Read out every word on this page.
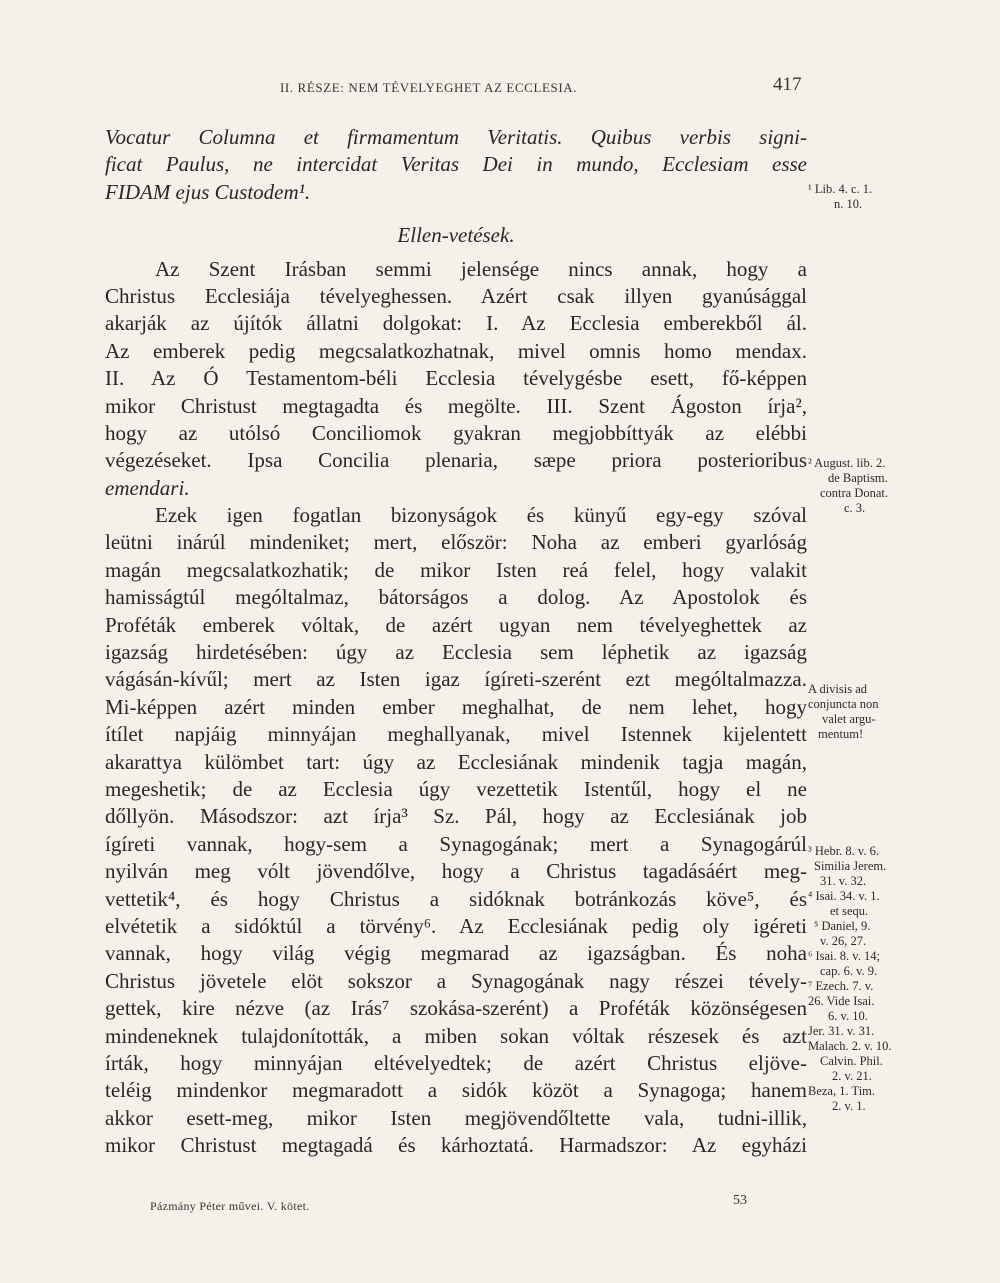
II. RÉSZE: NEM TÉVELYEGHET AZ ECCLESIA.	417
Vocatur Columna et firmamentum Veritatis. Quibus verbis signi-
ficat Paulus, ne intercidat Veritas Dei in mundo, Ecclesiam esse
FIDAM ejus Custodem¹.
Ellen-vetések.
Az Szent Irásban semmi jelensége nincs annak, hogy a
Christus Ecclesiája tévelyeghessen. Azért csak illyen gyanúsággal
akarják az újítók állatni dolgokat: I. Az Ecclesia emberekből ál.
Az emberek pedig megcsalatkozhatnak, mivel omnis homo mendax.
II. Az Ó Testamentom-béli Ecclesia tévelygésbe esett, fő-képpen
mikor Christust megtagadta és megölte. III. Szent Ágoston írja²,
hogy az utólsó Conciliomok gyakran megjobbíttyák az elébbi
végezéseket. Ipsa Concilia plenaria, sæpe priora posterioribus
emendari.
Ezek igen fogatlan bizonyságok és künyű egy-egy szóval
leütni inárúl mindeniket; mert, először: Noha az emberi gyarlóság
magán megcsalatkozhatik; de mikor Isten reá felel, hogy valakit
hamisságtúl mególtalmaz, bátorságos a dolog. Az Apostolok és
Proféták emberek vóltak, de azért ugyan nem tévelyeghettek az
igazság hirdetésében: úgy az Ecclesia sem léphetik az igazság
vágásán-kívűl; mert az Isten igaz ígíreti-szerént ezt mególtalmazza.
Mi-képpen azért minden ember meghalhat, de nem lehet, hogy
ítílet napjáig minnyájan meghallyanak, mivel Istennek kijelentett
akarattya külömbet tart: úgy az Ecclesiának mindenik tagja magán,
megeshetik; de az Ecclesia úgy vezettetik Istentűl, hogy el ne
dőllyön. Másodszor: azt írja³ Sz. Pál, hogy az Ecclesiának job
ígíreti vannak, hogy-sem a Synagogának; mert a Synagogárúl
nyilván meg vólt jövendőlve, hogy a Christus tagadásáért meg-
vettetik⁴, és hogy Christus a sidóknak botránkozás köve⁵, és
elvétetik a sidóktúl a törvény⁶. Az Ecclesiának pedig oly igéreti
vannak, hogy világ végig megmarad az igazságban. És noha
Christus jövetele elöt sokszor a Synagogának nagy részei tévely-
gettek, kire nézve (az Irás⁷ szokása-szerént) a Proféták közönségesen
mindeneknek tulajdonították, a miben sokan vóltak részesek és azt
írták, hogy minnyájan eltévelyedtek; de azért Christus eljöve-
teléig mindenkor megmaradott a sidók közöt a Synagoga; hanem
akkor esett-meg, mikor Isten megjövendőltette vala, tudni-illik,
mikor Christust megtagadá és kárhoztatá. Harmadszor: Az egyházi
¹ Lib. 4. c. 1.
n. 10.
² August. lib. 2.
de Baptism.
contra Donat.
c. 3.
A divisis ad
conjuncta non
valet argu-
mentum!
³ Hebr. 8. v. 6.
Similia Jerem.
31. v. 32.
⁴ Isai. 34. v. 1.
et sequ.
⁵ Daniel, 9.
v. 26, 27.
⁶ Isai. 8. v. 14;
cap. 6. v. 9.
⁷ Ezech. 7. v.
26. Vide Isai.
6. v. 10.
Jer. 31. v. 31.
Malach. 2. v. 10.
Calvin. Phil.
2. v. 21.
Beza, 1. Tim.
2. v. 1.
Pázmány Péter művei. V. kötet.	53
